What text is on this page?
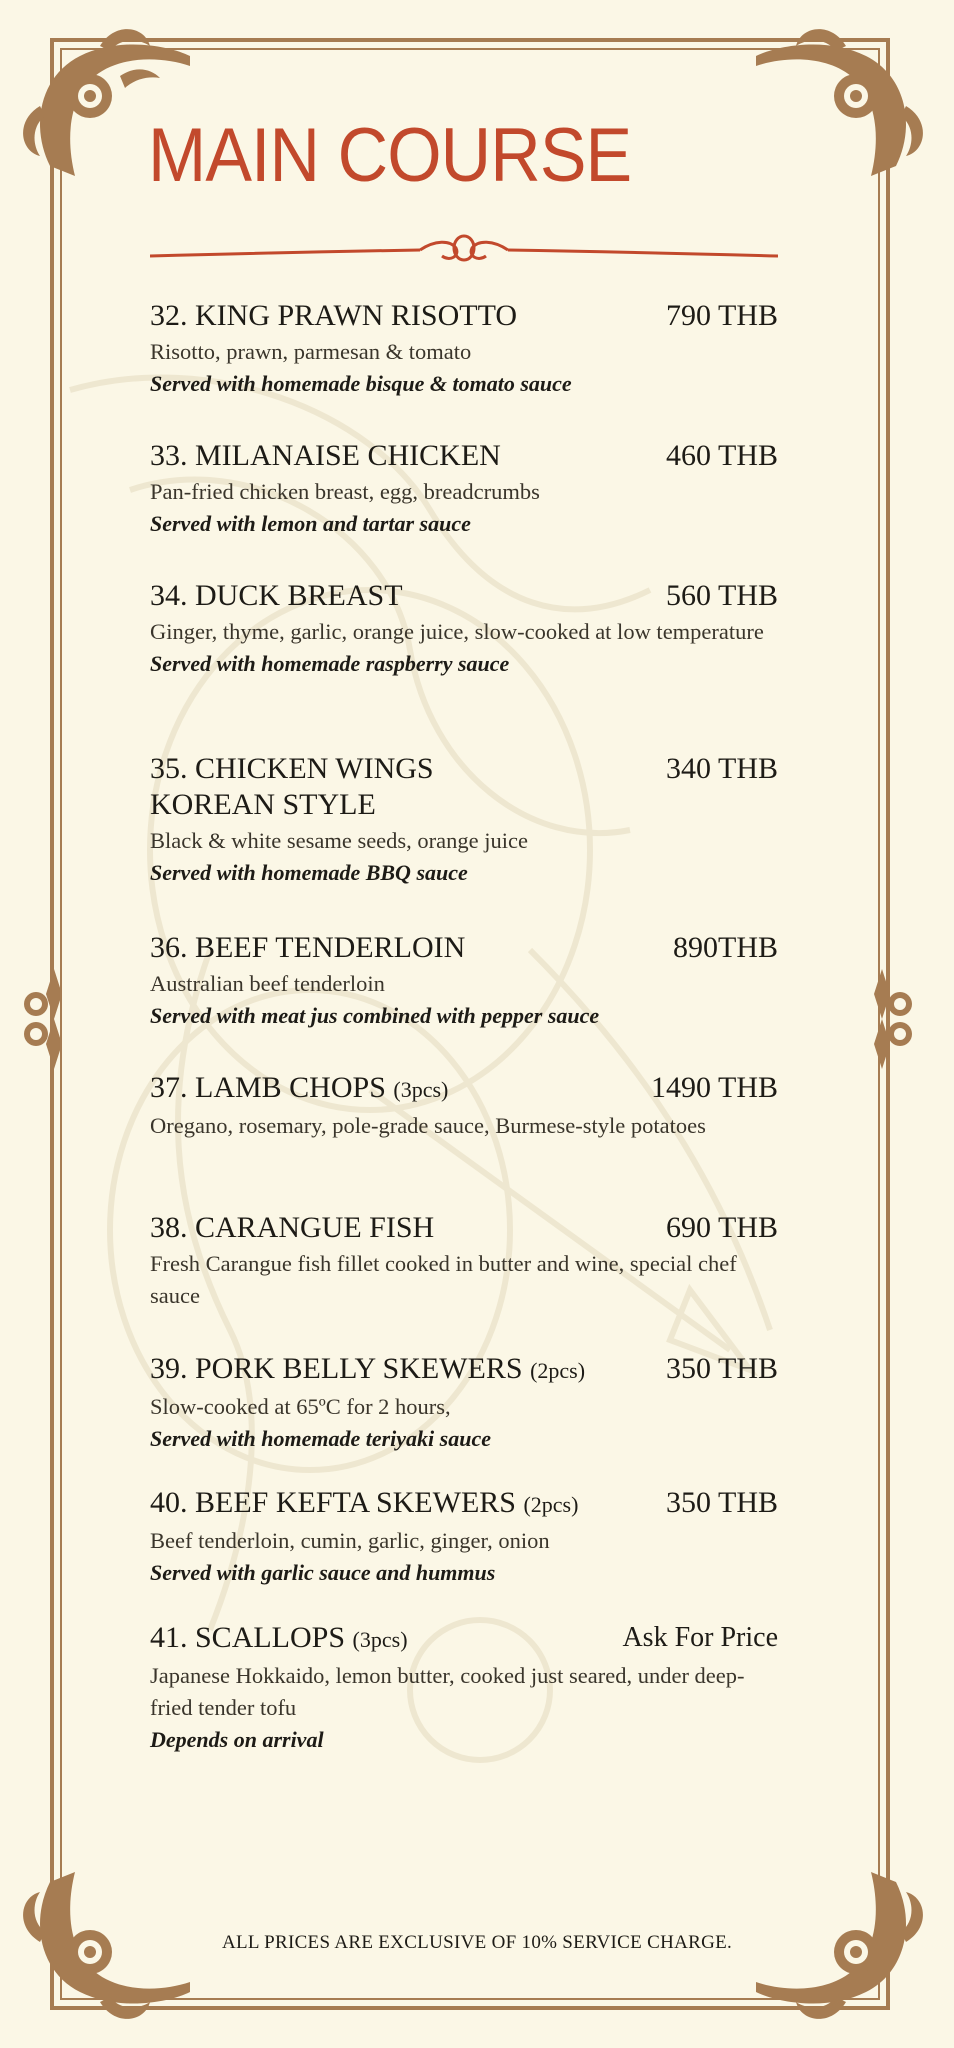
MAIN COURSE
32. KING PRAWN RISOTTO	790 THB
Risotto, prawn, parmesan & tomato
Served with homemade bisque & tomato sauce
33. MILANAISE CHICKEN	460 THB
Pan-fried chicken breast, egg, breadcrumbs
Served with lemon and tartar sauce
34. DUCK BREAST	560 THB
Ginger, thyme, garlic, orange juice, slow-cooked at low temperature
Served with homemade raspberry sauce
35. CHICKEN WINGS KOREAN STYLE
340 THB
Black & white sesame seeds, orange juice
Served with homemade BBQ sauce
36. BEEF TENDERLOIN	890THB
Australian beef tenderloin
Served with meat jus combined with pepper sauce
37. LAMB CHOPS (3pcs)	1490 THB
Oregano, rosemary, pole-grade sauce, Burmese-style potatoes
38. CARANGUE FISH	690 THB
Fresh Carangue fish fillet cooked in butter and wine, special chef sauce
39. PORK BELLY SKEWERS (2pcs)	350 THB
Slow-cooked at 65ºC for 2 hours,
Served with homemade teriyaki sauce
40. BEEF KEFTA SKEWERS (2pcs)	350 THB
Beef tenderloin, cumin, garlic, ginger, onion
Served with garlic sauce and hummus
41. SCALLOPS (3pcs)	Ask For Price
Japanese Hokkaido, lemon butter, cooked just seared, under deep-fried tender tofu
Depends on arrival
ALL PRICES ARE EXCLUSIVE OF 10% SERVICE CHARGE.
